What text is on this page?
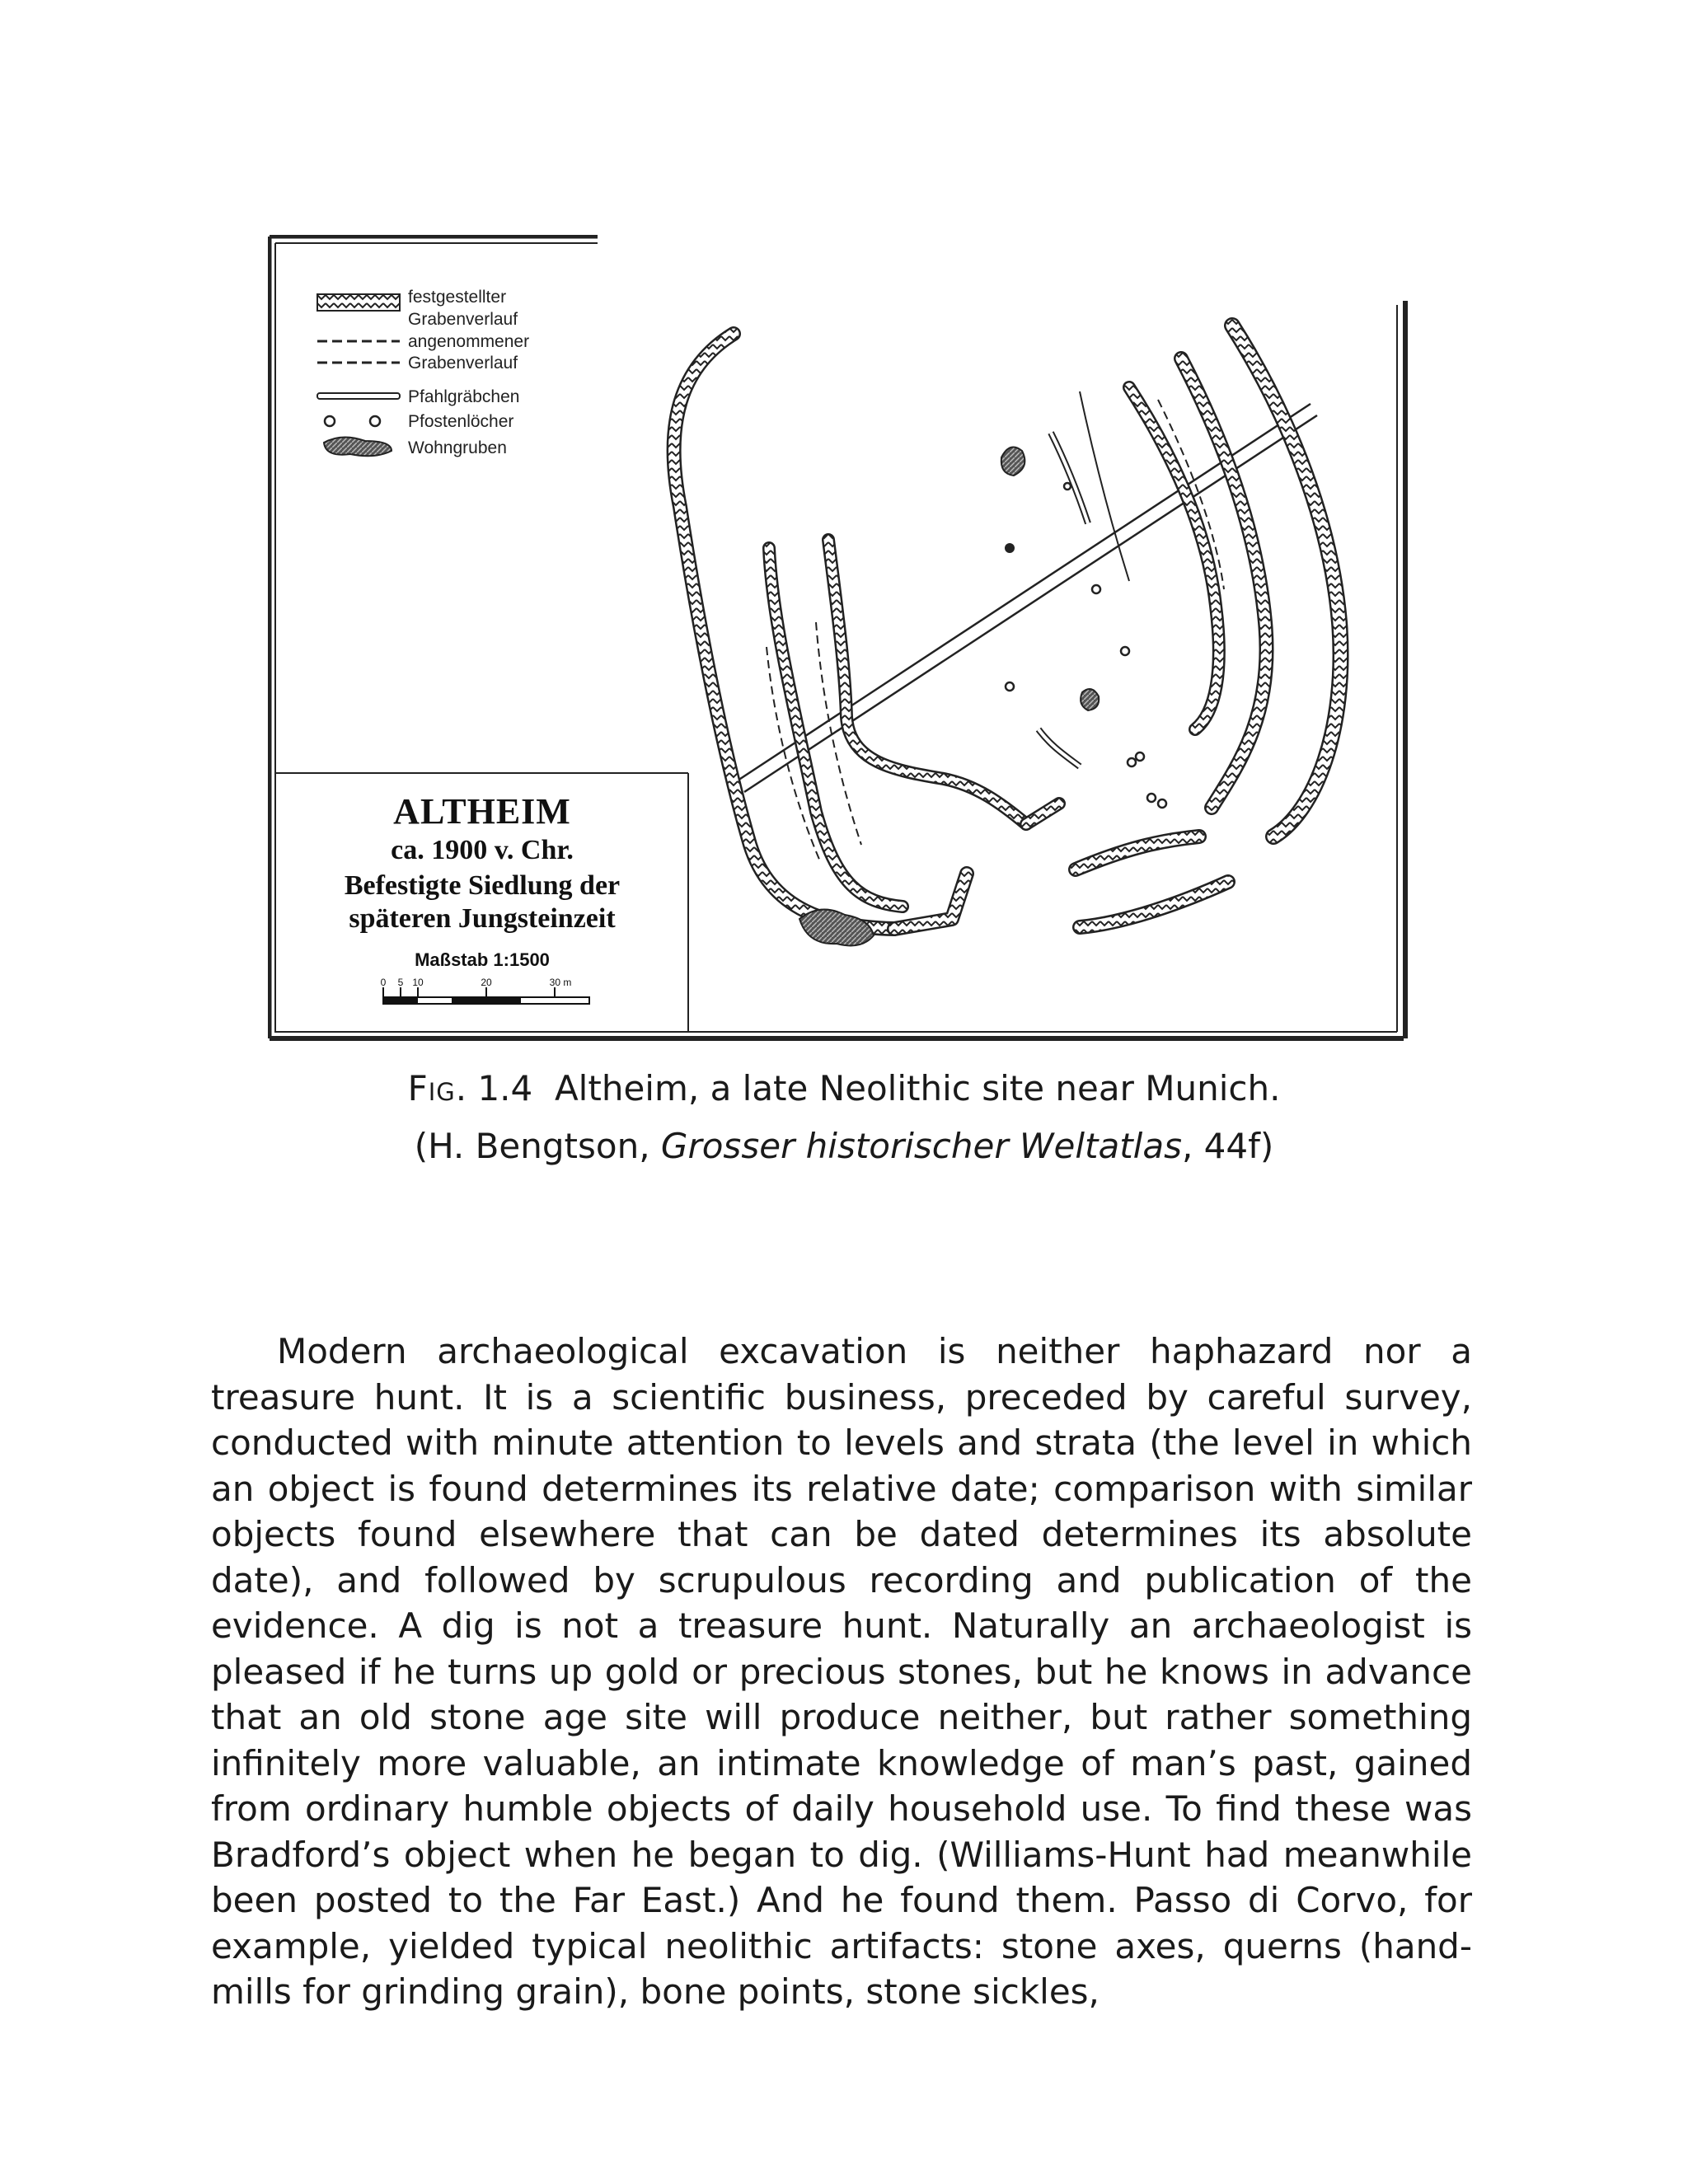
festgestellter
Grabenverlauf
angenommener
Grabenverlauf
Pfahlgräbchen
Pfostenlöcher
Wohngruben
ALTHEIM
ca. 1900 v. Chr.
Befestigte Siedlung der
späteren Jungsteinzeit
Maßstab 1:1500
0 5 10	20	30 m
Fig. 1.4 Altheim, a late Neolithic site near Munich.
(H. Bengtson, Grosser historischer Weltatlas, 44f)

Modern archaeological excavation is neither haphazard nor a treasure hunt. It is a scientific business, preceded by careful survey, conducted with minute attention to levels and strata (the level in which an object is found determines its relative date; comparison with similar objects found elsewhere that can be dated determines its absolute date), and followed by scrupulous recording and publication of the evidence. A dig is not a treasure hunt. Naturally an archaeologist is pleased if he turns up gold or precious stones, but he knows in advance that an old stone age site will produce neither, but rather something infinitely more valuable, an intimate knowledge of man’s past, gained from ordinary humble objects of daily household use. To find these was Bradford’s object when he began to dig. (Williams-Hunt had meanwhile been posted to the Far East.) And he found them. Passo di Corvo, for example, yielded typical neolithic artifacts: stone axes, querns (hand-mills for grinding grain), bone points, stone sickles,
